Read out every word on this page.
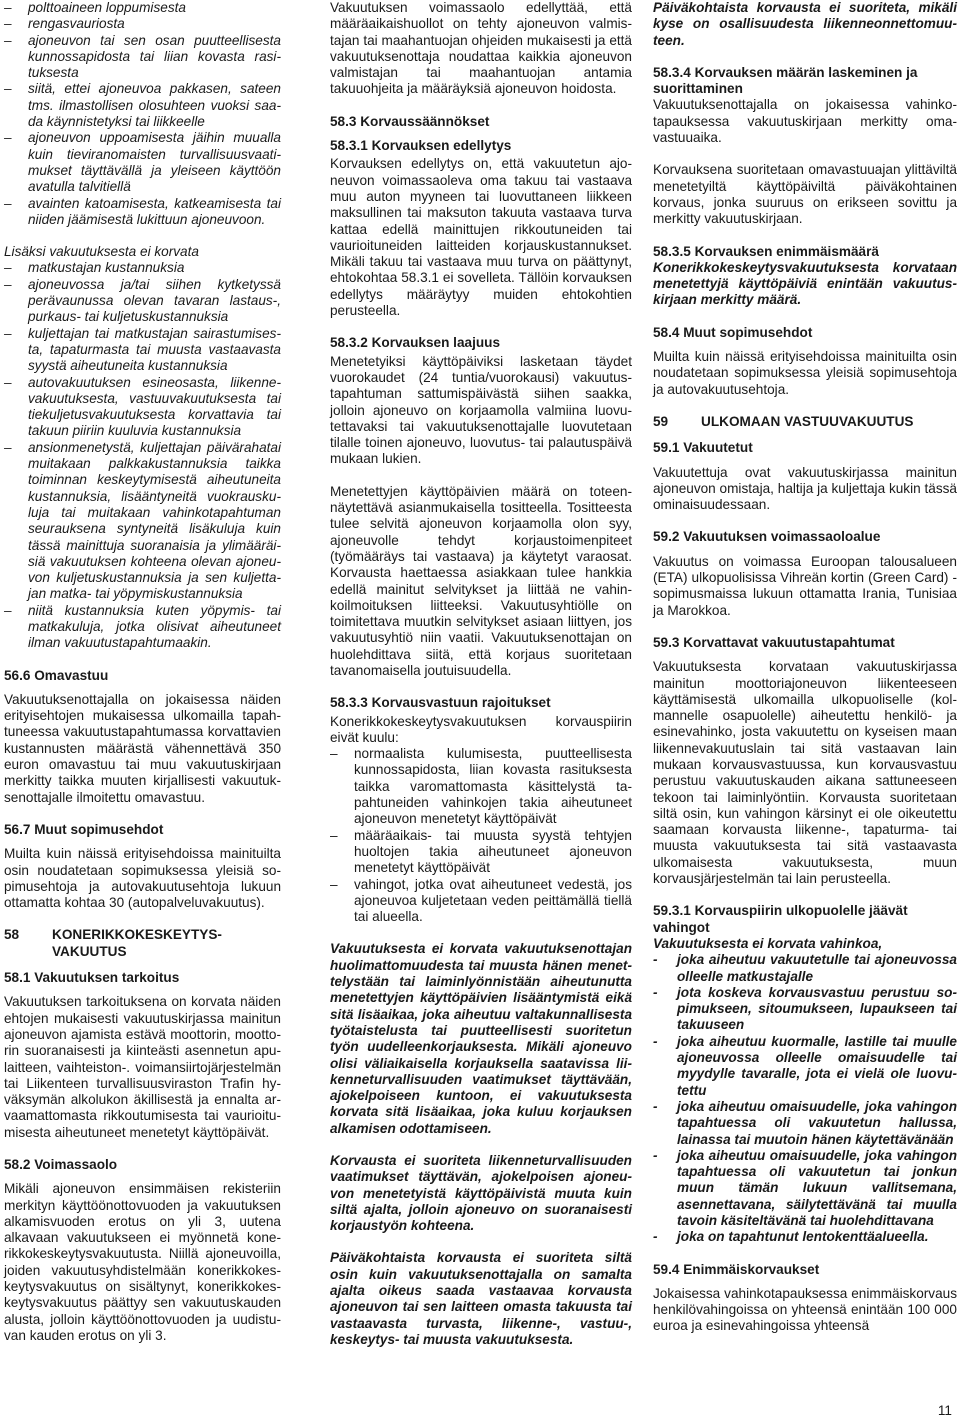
– polttoaineen loppumisesta
– rengasvauriosta
– ajoneuvon tai sen osan puutteellisesta kunnossapidosta tai liian kovasta rasituksesta
– siitä, ettei ajoneuvoa pakkasen, sateen tms. ilmastollisen olosuhteen vuoksi saada käynnistetyksi tai liikkeelle
– ajoneuvon uppoamisesta jäihin muualla kuin tieviranomaisten turvallisuusvaatimukset täyttävällä ja yleiseen käyttöön avatulla talvitiellä
– avainten katoamisesta, katkeamisesta tai niiden jäämisestä lukittuun ajoneuvoon.

Lisäksi vakuutuksesta ei korvata

– matkustajan kustannuksia
– ajoneuvossa ja/tai siihen kytketyssä perävaunussa olevan tavaran lastaus-, purkaus- tai kuljetuskustannuksia
– kuljettajan tai matkustajan sairastumisesta, tapaturmasta tai muusta vastaavasta syystä aiheutuneita kustannuksia
– autovakuutuksen esineosasta, liikennevakuutuksesta, vastuuvakuutuksesta tai tiekuljetusvakuutuksesta korvattavia tai takuun piiriin kuuluvia kustannuksia
– ansionmenetystä, kuljettajan päivärahatai muitakaan palkkakustannuksia taikka toiminnan keskeytymisestä aiheutuneita kustannuksia, lisääntyneitä vuokrauskuluja tai muitakaan vahinkotapahtuman seurauksena syntyneitä lisäkuluja kuin tässä mainittuja suoranaisia ja ylimääräisiä vakuutuksen kohteena olevan ajoneuvon kuljetuskustannuksia ja sen kuljettajan matka- tai yöpymiskustannuksia
– niitä kustannuksia kuten yöpymis- tai matkakuluja, jotka olisivat aiheutuneet ilman vakuutustapahtumaakin.
56.6 Omavastuu

Vakuutuksenottajalla on jokaisessa näiden erityisehtojen mukaisessa ulkomailla tapahtuneessa vakuutustapahtumassa korvattavien kustannusten määrästä vähennettävä 350 euron omavastuu tai muu vakuutuskirjaan merkitty taikka muuten kirjallisesti vakuutuksenottajalle ilmoitettu omavastuu.

56.7 Muut sopimusehdot

Muilta kuin näissä erityisehdoissa mainituilta osin noudatetaan sopimuksessa yleisiä sopimusehtoja ja autovakuutusehtoja lukuun ottamatta kohtaa 30 (autopalveluvakuutus).

58	KONERIKKOKESKEYTYSVAKUUTUS
58.1 Vakuutuksen tarkoitus

Vakuutuksen tarkoituksena on korvata näiden ehtojen mukaisesti vakuutuskirjassa mainitun ajoneuvon ajamista estävä moottorin, moottorin suoranaisesti ja kiinteästi asennetun apulaitteen, vaihteiston-. voimansiirtojärjestelmän tai Liikenteen turvallisuusviraston Trafin hyväksymän alkolukon äkillisestä ja ennalta arvaamattomasta rikkoutumisesta tai vaurioitumisesta aiheutuneet menetetyt käyttöpäivät.

58.2 Voimassaolo

Mikäli ajoneuvon ensimmäisen rekisteriin merkityn käyttöönottovuoden ja vakuutuksen alkamisvuoden erotus on yli 3, uutena alkavaan vakuutukseen ei myönnetä konerikkokeskeytysvakuutusta. Niillä ajoneuvoilla, joiden vakuutusyhdistelmään konerikkokeskeytysvakuutus on sisältynyt, konerikkokeskeytysvakuutus päättyy sen vakuutuskauden alusta, jolloin käyttöönottovuoden ja uudistuvan kauden erotus on yli 3.

Vakuutuksen voimassaolo edellyttää, että määräaikaishuollot on tehty ajoneuvon valmistajan tai maahantuojan ohjeiden mukaisesti ja että vakuutuksenottaja noudattaa kaikkia ajoneuvon valmistajan tai maahantuojan antamia takuuohjeita ja määräyksiä ajoneuvon hoidosta.

58.3 Korvaussäännökset
58.3.1 Korvauksen edellytys

Korvauksen edellytys on, että vakuutetun ajoneuvon voimassaoleva oma takuu tai vastaava muu auton myyneen tai luovuttaneen liikkeen maksullinen tai maksuton takuuta vastaava turva kattaa edellä mainittujen rikkoutuneiden tai vaurioituneiden laitteiden korjauskustannukset. Mikäli takuu tai vastaava muu turva on päättynyt, ehtokohtaa 58.3.1 ei sovelleta. Tällöin korvauksen edellytys määräytyy muiden ehtokohtien perusteella.

58.3.2 Korvauksen laajuus

Menetetyiksi käyttöpäiviksi lasketaan täydet vuorokaudet (24 tuntia/vuorokausi) vakuutustapahtuman sattumispäivästä siihen saakka, jolloin ajoneuvo on korjaamolla valmiina luovutettavaksi tai vakuutuksenottajalle luovutetaan tilalle toinen ajoneuvo, luovutus- tai palautuspäivä mukaan lukien.

Menetettyjen käyttöpäivien määrä on toteennäytettävä asianmukaisella tositteella. Tositteesta tulee selvitä ajoneuvon korjaamolla olon syy, ajoneuvolle tehdyt korjaustoimenpiteet (työmääräys tai vastaava) ja käytetyt varaosat. Korvausta haettaessa asiakkaan tulee hankkia edellä mainitut selvitykset ja liittää ne vahinkoilmoituksen liitteeksi. Vakuutusyhtiölle on toimitettava muutkin selvitykset asiaan liittyen, jos vakuutusyhtiö niin vaatii. Vakuutuksenottajan on huolehdittava siitä, että korjaus suoritetaan tavanomaisella joutuisuudella.

58.3.3 Korvausvastuun rajoitukset

Konerikkokeskeytysvakuutuksen korvauspiirin eivät kuulu:

– normaalista kulumisesta, puutteellisesta kunnossapidosta, liian kovasta rasituksesta taikka varomattomasta käsittelystä tapahtuneiden vahinkojen takia aiheutuneet ajoneuvon menetetyt käyttöpäivät
– määräaikais- tai muusta syystä tehtyjen huoltojen takia aiheutuneet ajoneuvon menetetyt käyttöpäivät
– vahingot, jotka ovat aiheutuneet vedestä, jos ajoneuvoa kuljetetaan veden peittämällä tiellä tai alueella.

Vakuutuksesta ei korvata vakuutuksenottajan huolimattomuudesta tai muusta hänen menettelystään tai laiminlyönnistään aiheutunutta menetettyjen käyttöpäivien lisääntymistä eikä sitä lisäaikaa, joka aiheutuu valtakunnallisesta työtaistelusta tai puutteellisesti suoritetun työn uudelleenkorjauksesta. Mikäli ajoneuvo olisi väliaikaisella korjauksella saatavissa liikenneturvallisuuden vaatimukset täyttävään, ajokelpoiseen kuntoon, ei vakuutuksesta korvata sitä lisäaikaa, joka kuluu korjauksen alkamisen odottamiseen.

Korvausta ei suoriteta liikenneturvallisuuden vaatimukset täyttävän, ajokelpoisen ajoneuvon menetetyistä käyttöpäivistä muuta kuin siltä ajalta, jolloin ajoneuvo on suoranaisesti korjaustyön kohteena.

Päiväkohtaista korvausta ei suoriteta siltä osin kuin vakuutuksenottajalla on samalta ajalta oikeus saada vastaavaa korvausta ajoneuvon tai sen laitteen omasta takuusta tai vastaavasta turvasta, liikenne-, vastuu-, keskeytys- tai muusta vakuutuksesta.

Päiväkohtaista korvausta ei suoriteta, mikäli kyse on osallisuudesta liikenneonnettomuuteen.

58.3.4 Korvauksen määrän laskeminen ja suorittaminen

Vakuutuksenottajalla on jokaisessa vahinkotapauksessa vakuutuskirjaan merkitty omavastuuaika.

Korvauksena suoritetaan omavastuuajan ylittäviltä menetetyiltä käyttöpäiviltä päiväkohtainen korvaus, jonka suuruus on erikseen sovittu ja merkitty vakuutuskirjaan.

58.3.5 Korvauksen enimmäismäärä

Konerikkokeskeytysvakuutuksesta korvataan menetettyjä käyttöpäiviä enintään vakuutuskirjaan merkitty määrä.

58.4 Muut sopimusehdot

Muilta kuin näissä erityisehdoissa mainituilta osin noudatetaan sopimuksessa yleisiä sopimusehtoja ja autovakuutusehtoja.

59	ULKOMAAN VASTUUVAKUUTUS
59.1 Vakuutetut

Vakuutettuja ovat vakuutuskirjassa mainitun ajoneuvon omistaja, haltija ja kuljettaja kukin tässä ominaisuudessaan.

59.2 Vakuutuksen voimassaoloalue

Vakuutus on voimassa Euroopan talousalueen (ETA) ulkopuolisissa Vihreän kortin (Green Card) -sopimusmaissa lukuun ottamatta Irania, Tunisiaa ja Marokkoa.

59.3 Korvattavat vakuutustapahtumat

Vakuutuksesta korvataan vakuutuskirjassa mainitun moottoriajoneuvon liikenteeseen käyttämisestä ulkomailla ulkopuoliselle (kolmannelle osapuolelle) aiheutettu henkilö- ja esinevahinko, josta vakuutettu on kyseisen maan liikennevakuutuslain tai sitä vastaavan lain mukaan korvausvastuussa, kun korvausvastuu perustuu vakuutuskauden aikana sattuneeseen tekoon tai laiminlyöntiin. Korvausta suoritetaan siltä osin, kun vahingon kärsinyt ei ole oikeutettu saamaan korvausta liikenne-, tapaturma- tai muusta vakuutuksesta tai sitä vastaavasta ulkomaisesta vakuutuksesta, muun korvausjärjestelmän tai lain perusteella.

59.3.1 Korvauspiirin ulkopuolelle jäävät vahingot

Vakuutuksesta ei korvata vahinkoa,

- joka aiheutuu vakuutetulle tai ajoneuvossa olleelle matkustajalle
- jota koskeva korvausvastuu perustuu sopimukseen, sitoumukseen, lupaukseen tai takuuseen
- joka aiheutuu kuormalle, lastille tai muulle ajoneuvossa olleelle omaisuudelle tai myydylle tavaralle, jota ei vielä ole luovutettu
- joka aiheutuu omaisuudelle, joka vahingon tapahtuessa oli vakuutetun hallussa, lainassa tai muutoin hänen käytettävänään
- joka aiheutuu omaisuudelle, joka vahingon tapahtuessa oli vakuutetun tai jonkun muun tämän lukuun vallitsemana, asennettavana, säilytettävänä tai muulla tavoin käsiteltävänä tai huolehdittavana
- joka on tapahtunut lentokenttäalueella.
59.4 Enimmäiskorvaukset

Jokaisessa vahinkotapauksessa enimmäiskorvaus henkilövahingoissa on yhteensä enintään 100 000 euroa ja esinevahingoissa yhteensä

11
